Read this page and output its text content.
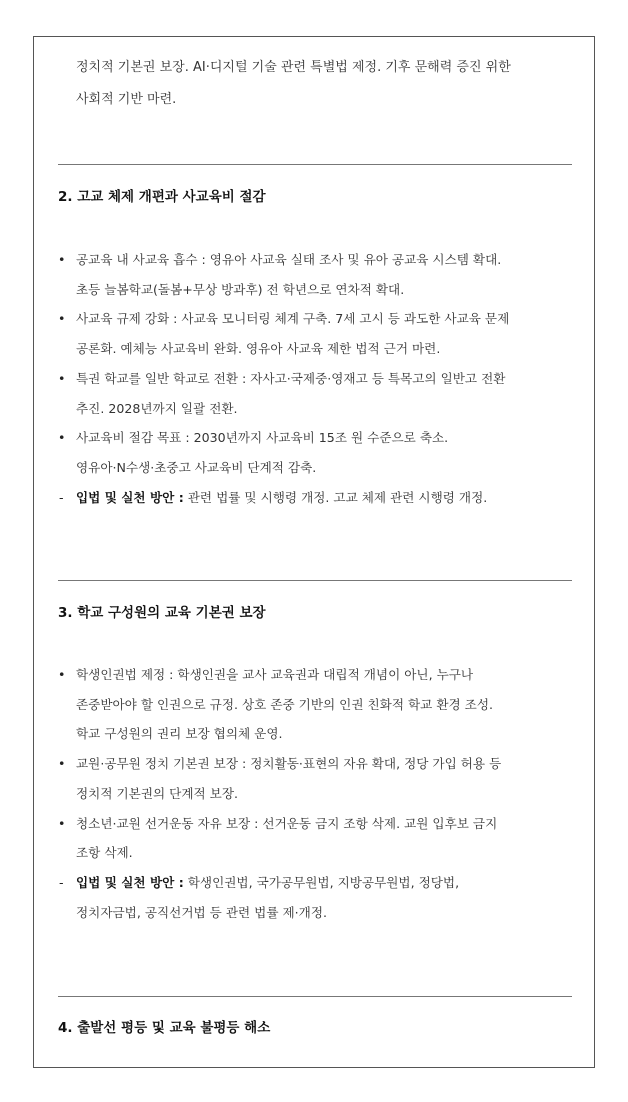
정치적 기본권 보장. AI·디지털 기술 관련 특별법 제정. 기후 문해력 증진 위한
사회적 기반 마련.

2. 고교 체제 개편과 사교육비 절감
• 공교육 내 사교육 흡수 : 영유아 사교육 실태 조사 및 유아 공교육 시스템 확대.
초등 늘봄학교(돌봄+무상 방과후) 전 학년으로 연차적 확대.
• 사교육 규제 강화 : 사교육 모니터링 체계 구축. 7세 고시 등 과도한 사교육 문제
공론화. 예체능 사교육비 완화. 영유아 사교육 제한 법적 근거 마련.
• 특권 학교를 일반 학교로 전환 : 자사고·국제중·영재고 등 특목고의 일반고 전환
추진. 2028년까지 일괄 전환.
• 사교육비 절감 목표 : 2030년까지 사교육비 15조 원 수준으로 축소.
영유아·N수생·초중고 사교육비 단계적 감축.
- 입법 및 실천 방안 : 관련 법률 및 시행령 개정. 고교 체제 관련 시행령 개정.
3. 학교 구성원의 교육 기본권 보장
• 학생인권법 제정 : 학생인권을 교사 교육권과 대립적 개념이 아닌, 누구나
존중받아야 할 인권으로 규정. 상호 존중 기반의 인권 친화적 학교 환경 조성.
학교 구성원의 권리 보장 협의체 운영.
• 교원·공무원 정치 기본권 보장 : 정치활동·표현의 자유 확대, 정당 가입 허용 등
정치적 기본권의 단계적 보장.
• 청소년·교원 선거운동 자유 보장 : 선거운동 금지 조항 삭제. 교원 입후보 금지
조항 삭제.
- 입법 및 실천 방안 : 학생인권법, 국가공무원법, 지방공무원법, 정당법,
정치자금법, 공직선거법 등 관련 법률 제·개정.
4. 출발선 평등 및 교육 불평등 해소
